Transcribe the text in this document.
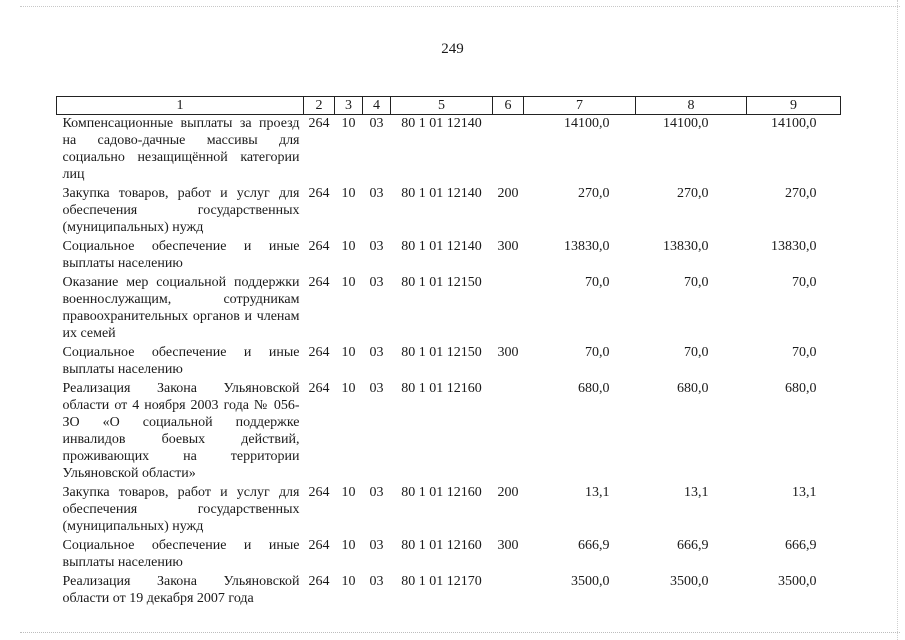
249
1	2	3	4	5	6	7	8	9
Компенсационные выплаты за проезд на садово-дачные массивы для социально незащищённой категории лиц	264	10	03	80 1 01 12140		14100,0	14100,0	14100,0
Закупка товаров, работ и услуг для обеспечения государственных (муниципальных) нужд	264	10	03	80 1 01 12140	200	270,0	270,0	270,0
Социальное обеспечение и иные выплаты населению	264	10	03	80 1 01 12140	300	13830,0	13830,0	13830,0
Оказание мер социальной поддержки военнослужащим, сотрудникам правоохранительных органов и членам их семей	264	10	03	80 1 01 12150		70,0	70,0	70,0
Социальное обеспечение и иные выплаты населению	264	10	03	80 1 01 12150	300	70,0	70,0	70,0
Реализация Закона Ульяновской области от 4 ноября 2003 года № 056-ЗО «О социальной поддержке инвалидов боевых действий, проживающих на территории Ульяновской области»	264	10	03	80 1 01 12160		680,0	680,0	680,0
Закупка товаров, работ и услуг для обеспечения государственных (муниципальных) нужд	264	10	03	80 1 01 12160	200	13,1	13,1	13,1
Социальное обеспечение и иные выплаты населению	264	10	03	80 1 01 12160	300	666,9	666,9	666,9
Реализация Закона Ульяновской области от 19 декабря 2007 года	264	10	03	80 1 01 12170		3500,0	3500,0	3500,0
